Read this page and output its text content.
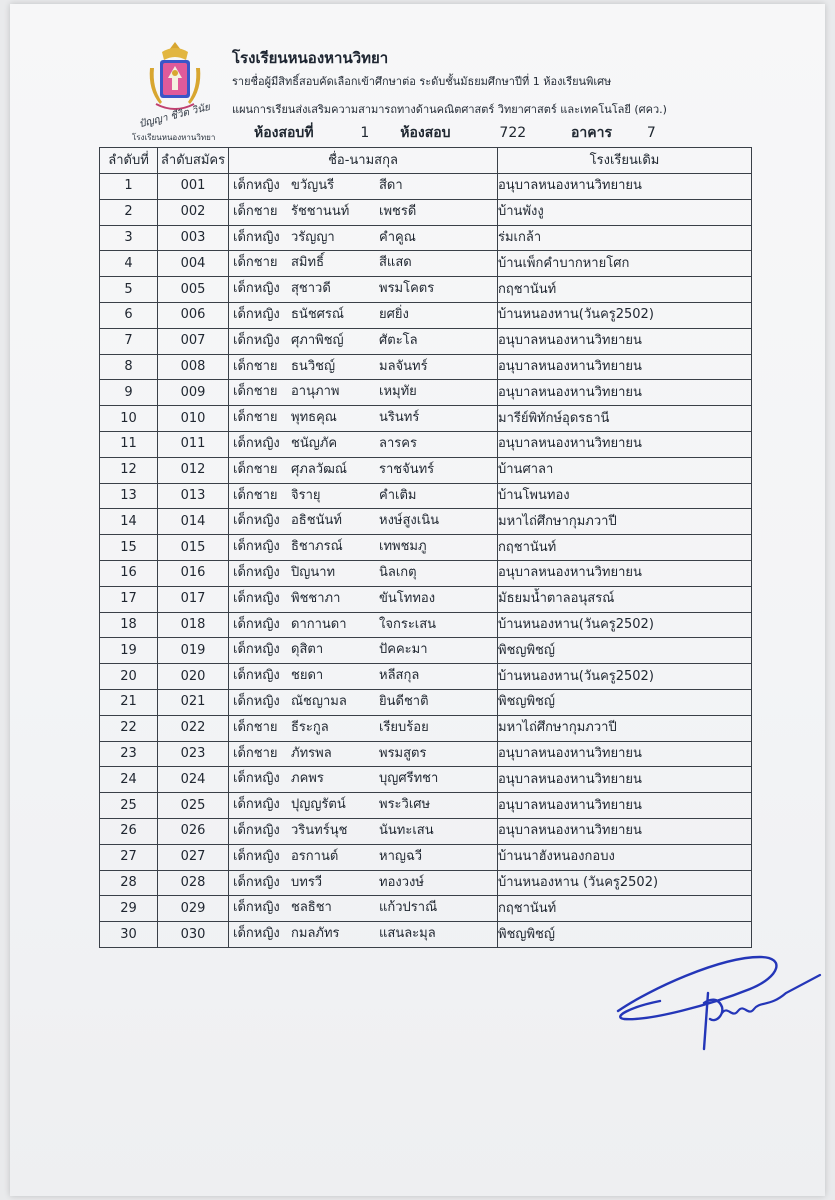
ปัญญา ชีวิต วินัย
โรงเรียนหนองหานวิทยา
โรงเรียนหนองหานวิทยา
รายชื่อผู้มีสิทธิ์สอบคัดเลือกเข้าศึกษาต่อ ระดับชั้นมัธยมศึกษาปีที่ 1 ห้องเรียนพิเศษ
แผนการเรียนส่งเสริมความสามารถทางด้านคณิตศาสตร์ วิทยาศาสตร์ และเทคโนโลยี (ศคว.)
ห้องสอบที่	1 ห้องสอบ	722	อาคาร 7
ลำดับที่	ลำดับสมัคร	ชื่อ-นามสกุล	โรงเรียนเดิม
1	001	เด็กหญิง ขวัญนรี สีดา	อนุบาลหนองหานวิทยายน
2	002	เด็กชาย รัชชานนท์ เพชรดี	บ้านพังงู
3	003	เด็กหญิง วรัญญา คำคูณ	ร่มเกล้า
4	004	เด็กชาย สมิทธิ์ สีแสด	บ้านเพ็กคำบากหายโศก
5	005	เด็กหญิง สุชาวดี พรมโคตร	กฤชานันท์
6	006	เด็กหญิง ธนัชศรณ์ ยศยิ่ง	บ้านหนองหาน(วันครู2502)
7	007	เด็กหญิง ศุภาพิชญ์ ศัตะโล	อนุบาลหนองหานวิทยายน
8	008	เด็กชาย ธนวิชญ์ มลจันทร์	อนุบาลหนองหานวิทยายน
9	009	เด็กชาย อานุภาพ เหมุทัย	อนุบาลหนองหานวิทยายน
10	010	เด็กชาย พุทธคุณ นรินทร์	มารีย์พิทักษ์อุดรธานี
11	011	เด็กหญิง ชนัญภัค ลารคร	อนุบาลหนองหานวิทยายน
12	012	เด็กชาย ศุภลวัฒณ์ ราชจันทร์	บ้านศาลา
13	013	เด็กชาย จิรายุ คำเติม	บ้านโพนทอง
14	014	เด็กหญิง อธิชนันท์ หงษ์สูงเนิน	มหาไถ่ศึกษากุมภวาปี
15	015	เด็กหญิง ธิชาภรณ์ เทพชมภู	กฤชานันท์
16	016	เด็กหญิง ปิญนาท นิลเกตุ	อนุบาลหนองหานวิทยายน
17	017	เด็กหญิง พิชชาภา ขันโททอง	มัธยมน้ำตาลอนุสรณ์
18	018	เด็กหญิง ดากานดา ใจกระเสน	บ้านหนองหาน(วันครู2502)
19	019	เด็กหญิง ดุสิตา ปัคคะมา	พิชญพิชญ์
20	020	เด็กหญิง ชยดา หลีสกุล	บ้านหนองหาน(วันครู2502)
21	021	เด็กหญิง ณัชญามล ยินดีชาติ	พิชญพิชญ์
22	022	เด็กชาย ธีระกูล เรียบร้อย	มหาไถ่ศึกษากุมภวาปี
23	023	เด็กชาย ภัทรพล พรมสูตร	อนุบาลหนองหานวิทยายน
24	024	เด็กหญิง ภคพร บุญศรีทชา	อนุบาลหนองหานวิทยายน
25	025	เด็กหญิง ปุญญรัตน์ พระวิเศษ	อนุบาลหนองหานวิทยายน
26	026	เด็กหญิง วรินทร์นุช นันทะเสน	อนุบาลหนองหานวิทยายน
27	027	เด็กหญิง อรกานต์ หาญฉวี	บ้านนาฮังหนองกอบง
28	028	เด็กหญิง บทรวี ทองวงษ์	บ้านหนองหาน (วันครู2502)
29	029	เด็กหญิง ชลธิชา แก้วปราณี	กฤชานันท์
30	030	เด็กหญิง กมลภัทร แสนละมุล	พิชญพิชญ์
